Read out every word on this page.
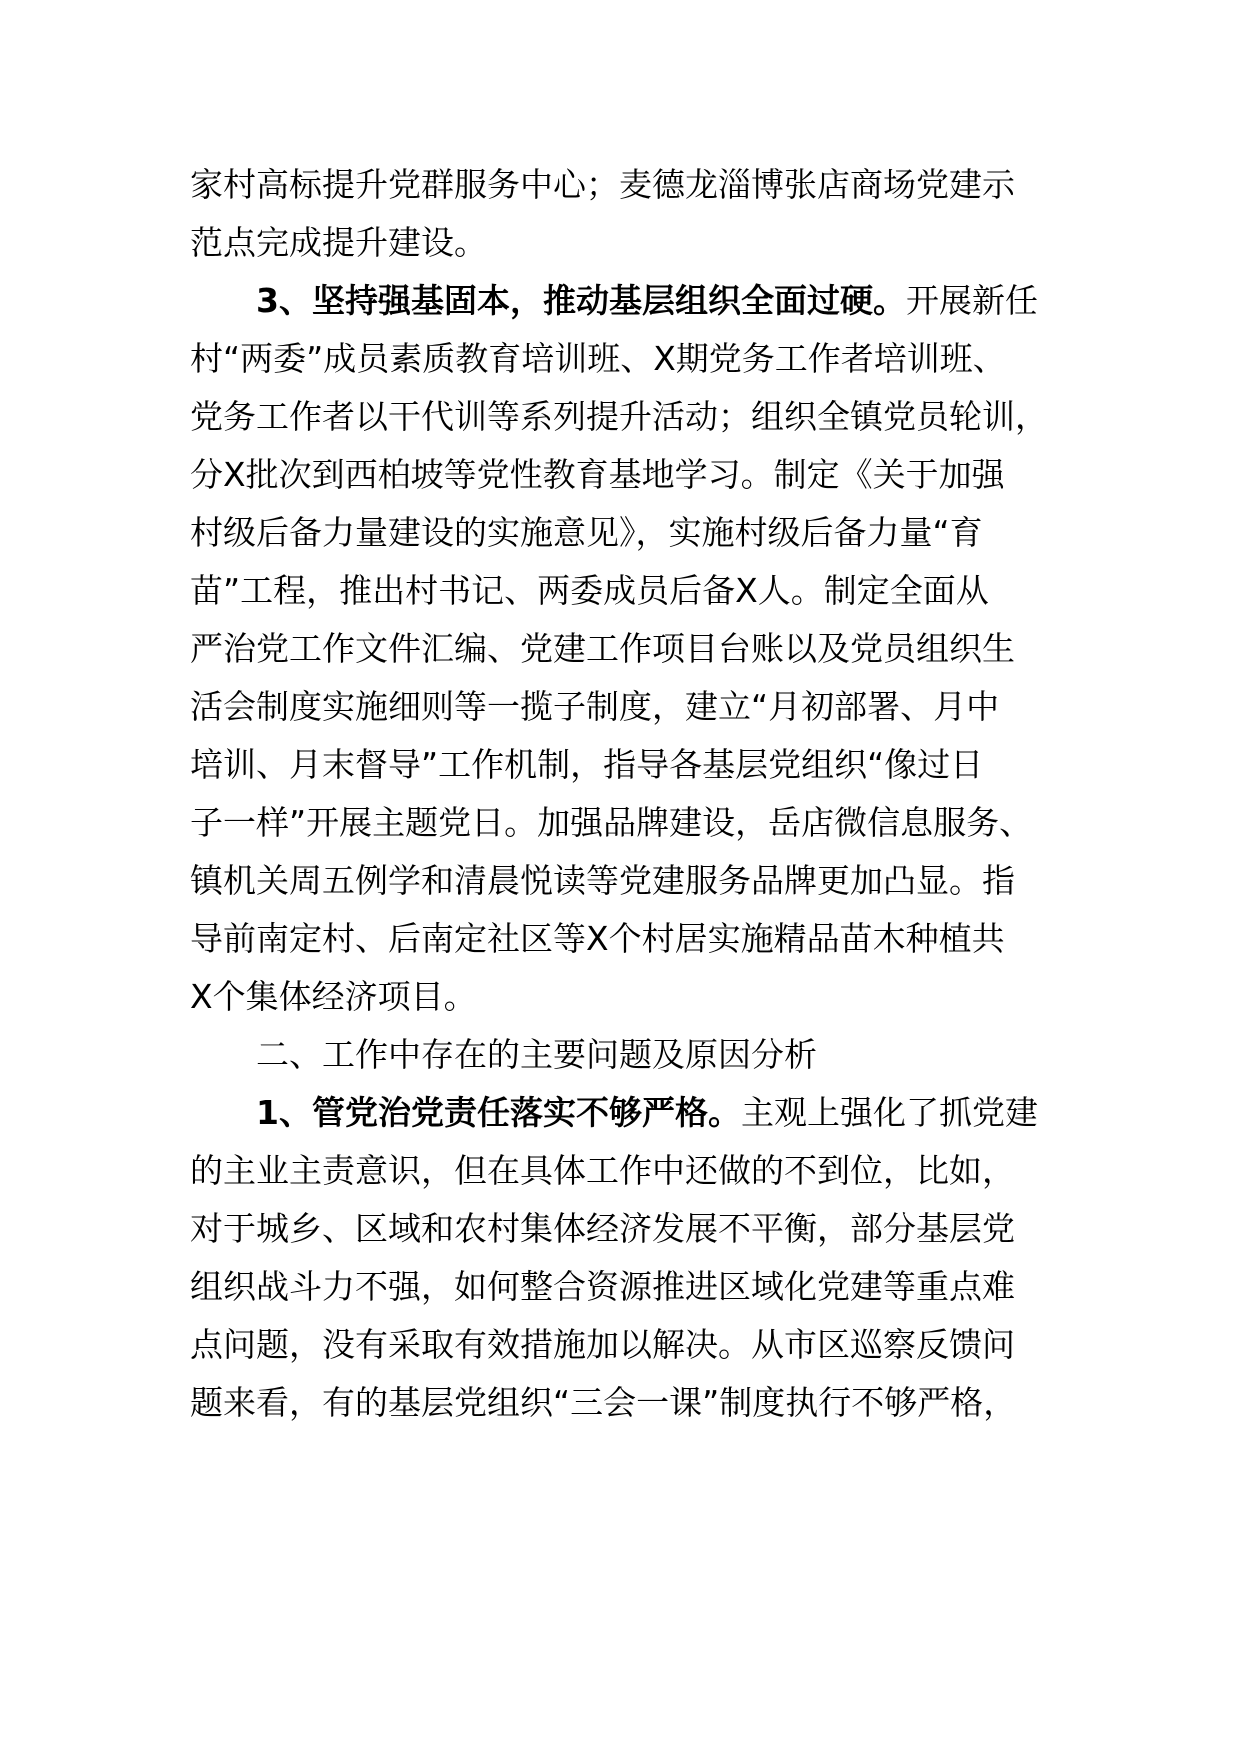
家村高标提升党群服务中心；麦德龙淄博张店商场党建示
范点完成提升建设。
3、坚持强基固本，推动基层组织全面过硬。开展新任
村“两委”成员素质教育培训班、X期党务工作者培训班、
党务工作者以干代训等系列提升活动；组织全镇党员轮训，
分X批次到西柏坡等党性教育基地学习。制定《关于加强
村级后备力量建设的实施意见》，实施村级后备力量“育
苗”工程，推出村书记、两委成员后备X人。制定全面从
严治党工作文件汇编、党建工作项目台账以及党员组织生
活会制度实施细则等一揽子制度，建立“月初部署、月中
培训、月末督导”工作机制，指导各基层党组织“像过日
子一样”开展主题党日。加强品牌建设，岳店微信息服务、
镇机关周五例学和清晨悦读等党建服务品牌更加凸显。指
导前南定村、后南定社区等X个村居实施精品苗木种植共
X个集体经济项目。
二、工作中存在的主要问题及原因分析
1、管党治党责任落实不够严格。主观上强化了抓党建
的主业主责意识，但在具体工作中还做的不到位，比如，
对于城乡、区域和农村集体经济发展不平衡，部分基层党
组织战斗力不强，如何整合资源推进区域化党建等重点难
点问题，没有采取有效措施加以解决。从市区巡察反馈问
题来看，有的基层党组织“三会一课”制度执行不够严格，
